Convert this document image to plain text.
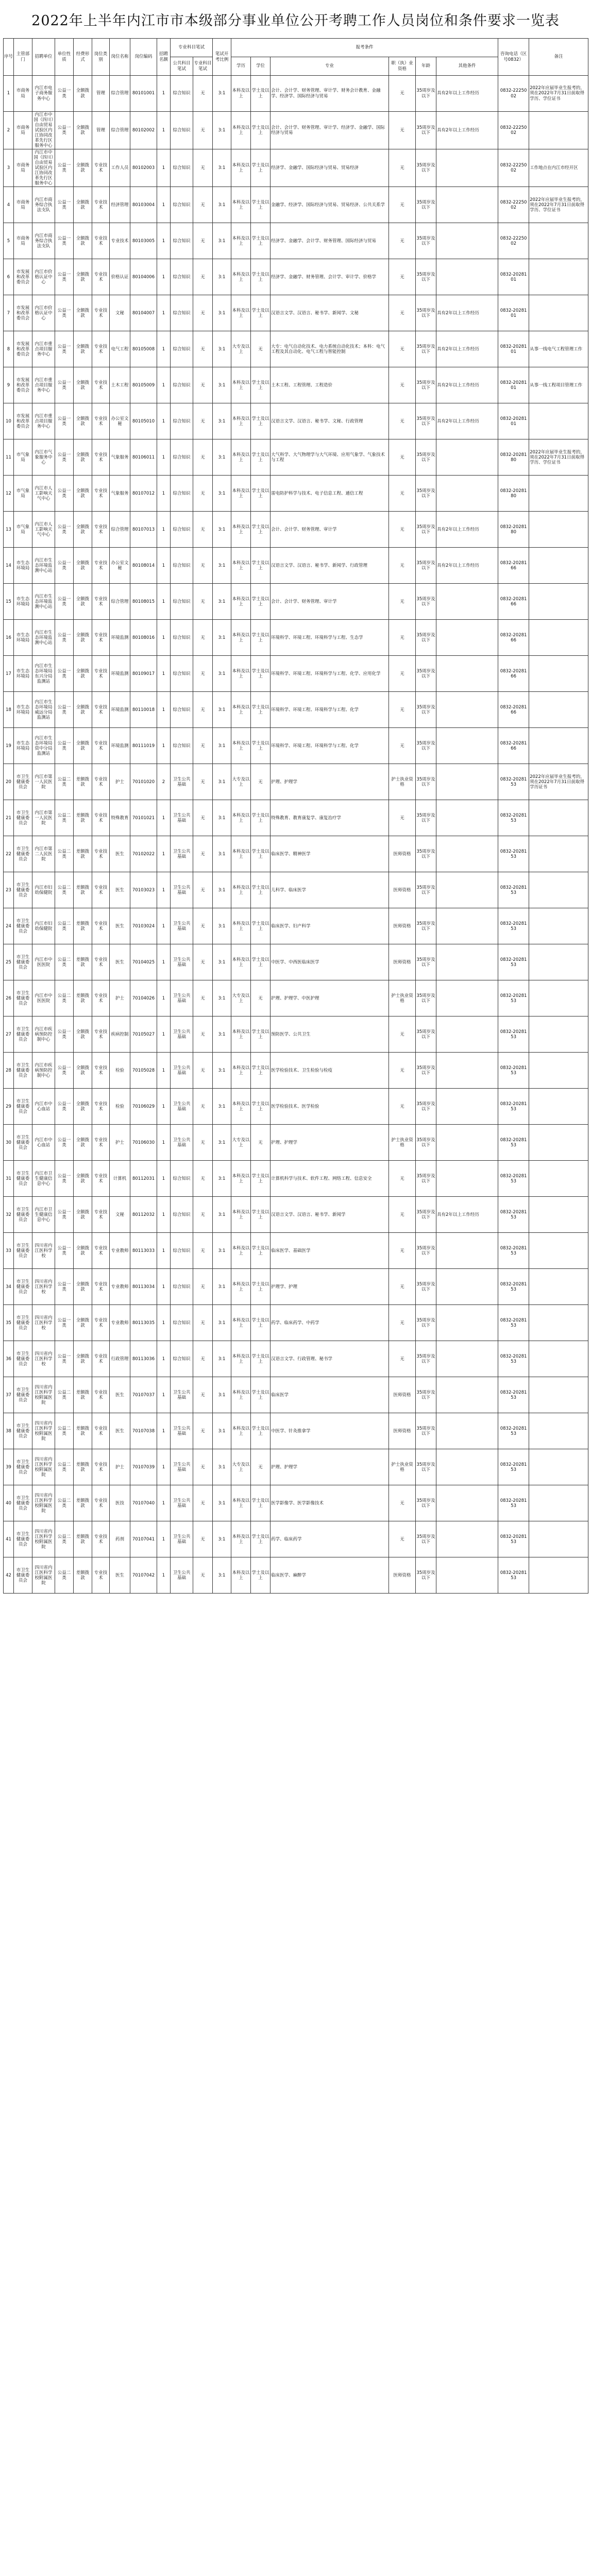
2022年上半年内江市市本级部分事业单位公开考聘工作人员岗位和条件要求一览表
序号	主管部门	招聘单位	单位性质	经费形式	岗位类别	岗位名称	岗位编码	招聘名额	专业科目笔试		笔试开考比例	报考条件						咨询电话（区号0832）	备注
									公共科目笔试	专业科目笔试		学历	学位	专业	职（执）业资格	年龄	其他条件		
1	市商务局	内江市电子商务服务中心	公益一类	全额拨款	管理	综合管理	80101001	1	综合知识	无	3:1	本科及以上	学士及以上	会计、会计学、财务管理、审计学、财务会计教育、金融学、经济学、国际经济与贸易	无	35周岁及以下	具有2年以上工作经历	0832-2225002	2022年应届毕业生报考的，须在2022年7月31日前取得学历、学位证书
2	市商务局	内江市中国（四川）自由贸易试验区内江协同改革先行区服务中心	公益一类	全额拨款	管理	综合管理	80102002	1	综合知识	无	3:1	本科及以上	学士及以上	会计、会计学、财务管理、审计学、经济学、金融学、国际经济与贸易	无	35周岁及以下	具有2年以上工作经历	0832-2225002	
3	市商务局	内江市中国（四川）自由贸易试验区内江协同改革先行区服务中心	公益一类	全额拨款	专业技术	工作人员	80102003	1	综合知识	无	3:1	本科及以上	学士及以上	经济学、金融学、国际经济与贸易、贸易经济	无	35周岁及以下		0832-2225002	工作地点在内江市经开区
4	市商务局	内江市商务综合执法支队	公益一类	全额拨款	专业技术	经济管理	80103004	1	综合知识	无	3:1	本科及以上	学士及以上	金融学、经济学、国际经济与贸易、贸易经济、公共关系学	无	35周岁及以下		0832-2225002	2022年应届毕业生报考的，须在2022年7月31日前取得学历、学位证书
5	市商务局	内江市商务综合执法支队	公益一类	全额拨款	专业技术	专业技术	80103005	1	综合知识	无	3:1	本科及以上	学士及以上	经济学、金融学、会计学、财务管理、国际经济与贸易	无	35周岁及以下		0832-2225002	
6	市发展和改革委员会	内江市价格认证中心	公益一类	全额拨款	专业技术	价格认证	80104006	1	综合知识	无	3:1	本科及以上	学士及以上	经济学、金融学、财务管理、会计学、审计学、价格学	无	35周岁及以下		0832-2028101	
7	市发展和改革委员会	内江市价格认证中心	公益一类	全额拨款	专业技术	文秘	80104007	1	综合知识	无	3:1	本科及以上	学士及以上	汉语言文学、汉语言、秘书学、新闻学、文秘	无	35周岁及以下	具有2年以上工作经历	0832-2028101	
8	市发展和改革委员会	内江市重点项目服务中心	公益一类	全额拨款	专业技术	电气工程	80105008	1	综合知识	无	3:1	大专及以上	无	大专：电气自动化技术、电力系统自动化技术；本科：电气工程及其自动化、电气工程与智能控制	无	35周岁及以下	具有2年以上工作经历	0832-2028101	从事一线电气工程管理工作
9	市发展和改革委员会	内江市重点项目服务中心	公益一类	全额拨款	专业技术	土木工程	80105009	1	综合知识	无	3:1	本科及以上	学士及以上	土木工程、工程管理、工程造价	无	35周岁及以下	具有2年以上工作经历	0832-2028101	从事一线工程项目管理工作
10	市发展和改革委员会	内江市重点项目服务中心	公益一类	全额拨款	专业技术	办公室文秘	80105010	1	综合知识	无	3:1	本科及以上	学士及以上	汉语言文学、汉语言、秘书学、文秘、行政管理	无	35周岁及以下	具有2年以上工作经历	0832-2028101	
11	市气象局	内江市气象服务中心	公益一类	全额拨款	专业技术	气象服务	80106011	1	综合知识	无	3:1	本科及以上	学士及以上	大气科学、大气物理学与大气环境、应用气象学、气象技术与工程	无	35周岁及以下		0832-2028180	2022年应届毕业生报考的，须在2022年7月31日前取得学历、学位证书
12	市气象局	内江市人工影响天气中心	公益一类	全额拨款	专业技术	气象服务	80107012	1	综合知识	无	3:1	本科及以上	学士及以上	雷电防护科学与技术、电子信息工程、通信工程	无	35周岁及以下		0832-2028180	
13	市气象局	内江市人工影响天气中心	公益一类	全额拨款	专业技术	综合管理	80107013	1	综合知识	无	3:1	本科及以上	学士及以上	会计、会计学、财务管理、审计学	无	35周岁及以下	具有2年以上工作经历	0832-2028180	
14	市生态环境局	内江市生态环境监测中心站	公益一类	全额拨款	专业技术	办公室文秘	80108014	1	综合知识	无	3:1	本科及以上	学士及以上	汉语言文学、汉语言、秘书学、新闻学、行政管理	无	35周岁及以下	具有2年以上工作经历	0832-2028166	
15	市生态环境局	内江市生态环境监测中心站	公益一类	全额拨款	专业技术	综合管理	80108015	1	综合知识	无	3:1	本科及以上	学士及以上	会计、会计学、财务管理、审计学	无	35周岁及以下		0832-2028166	
16	市生态环境局	内江市生态环境监测中心站	公益一类	全额拨款	专业技术	环境监测	80108016	1	综合知识	无	3:1	本科及以上	学士及以上	环境科学、环境工程、环境科学与工程、生态学	无	35周岁及以下		0832-2028166	
17	市生态环境局	内江市生态环境局东兴分局监测站	公益一类	全额拨款	专业技术	环境监测	80109017	1	综合知识	无	3:1	本科及以上	学士及以上	环境科学、环境工程、环境科学与工程、化学、应用化学	无	35周岁及以下		0832-2028166	
18	市生态环境局	内江市生态环境局威远分局监测站	公益一类	全额拨款	专业技术	环境监测	80110018	1	综合知识	无	3:1	本科及以上	学士及以上	环境科学、环境工程、环境科学与工程、化学	无	35周岁及以下		0832-2028166	
19	市生态环境局	内江市生态环境局资中分局监测站	公益一类	全额拨款	专业技术	环境监测	80111019	1	综合知识	无	3:1	本科及以上	学士及以上	环境科学、环境工程、环境科学与工程、化学	无	35周岁及以下		0832-2028166	
20	市卫生健康委员会	内江市第一人民医院	公益二类	差额拨款	专业技术	护士	70101020	2	卫生公共基础	无	3:1	大专及以上	无	护理、护理学	护士执业资格	35周岁及以下		0832-2028153	2022年应届毕业生报考的，须在2022年7月31日前取得学历证书
21	市卫生健康委员会	内江市第一人民医院	公益二类	差额拨款	专业技术	特殊教育	70101021	1	卫生公共基础	无	3:1	本科及以上	学士及以上	特殊教育、教育康复学、康复治疗学	无	35周岁及以下		0832-2028153	
22	市卫生健康委员会	内江市第二人民医院	公益二类	差额拨款	专业技术	医生	70102022	1	卫生公共基础	无	3:1	本科及以上	学士及以上	临床医学、精神医学	医师资格	35周岁及以下		0832-2028153	
23	市卫生健康委员会	内江市妇幼保健院	公益二类	差额拨款	专业技术	医生	70103023	1	卫生公共基础	无	3:1	本科及以上	学士及以上	儿科学、临床医学	医师资格	35周岁及以下		0832-2028153	
24	市卫生健康委员会	内江市妇幼保健院	公益二类	差额拨款	专业技术	医生	70103024	1	卫生公共基础	无	3:1	本科及以上	学士及以上	临床医学、妇产科学	医师资格	35周岁及以下		0832-2028153	
25	市卫生健康委员会	内江市中医医院	公益二类	差额拨款	专业技术	医生	70104025	1	卫生公共基础	无	3:1	本科及以上	学士及以上	中医学、中西医临床医学	医师资格	35周岁及以下		0832-2028153	
26	市卫生健康委员会	内江市中医医院	公益二类	差额拨款	专业技术	护士	70104026	1	卫生公共基础	无	3:1	大专及以上	无	护理、护理学、中医护理	护士执业资格	35周岁及以下		0832-2028153	
27	市卫生健康委员会	内江市疾病预防控制中心	公益一类	全额拨款	专业技术	疾病控制	70105027	1	卫生公共基础	无	3:1	本科及以上	学士及以上	预防医学、公共卫生	无	35周岁及以下		0832-2028153	
28	市卫生健康委员会	内江市疾病预防控制中心	公益一类	全额拨款	专业技术	检验	70105028	1	卫生公共基础	无	3:1	本科及以上	学士及以上	医学检验技术、卫生检验与检疫	无	35周岁及以下		0832-2028153	
29	市卫生健康委员会	内江市中心血站	公益一类	全额拨款	专业技术	检验	70106029	1	卫生公共基础	无	3:1	本科及以上	学士及以上	医学检验技术、医学检验	无	35周岁及以下		0832-2028153	
30	市卫生健康委员会	内江市中心血站	公益一类	全额拨款	专业技术	护士	70106030	1	卫生公共基础	无	3:1	大专及以上	无	护理、护理学	护士执业资格	35周岁及以下		0832-2028153	
31	市卫生健康委员会	内江市卫生健康信息中心	公益一类	全额拨款	专业技术	计算机	80112031	1	综合知识	无	3:1	本科及以上	学士及以上	计算机科学与技术、软件工程、网络工程、信息安全	无	35周岁及以下		0832-2028153	
32	市卫生健康委员会	内江市卫生健康信息中心	公益一类	全额拨款	专业技术	文秘	80112032	1	综合知识	无	3:1	本科及以上	学士及以上	汉语言文学、汉语言、秘书学、新闻学	无	35周岁及以下	具有2年以上工作经历	0832-2028153	
33	市卫生健康委员会	四川省内江医科学校	公益一类	全额拨款	专业技术	专业教师	80113033	1	综合知识	无	3:1	本科及以上	学士及以上	临床医学、基础医学	无	35周岁及以下		0832-2028153	
34	市卫生健康委员会	四川省内江医科学校	公益一类	全额拨款	专业技术	专业教师	80113034	1	综合知识	无	3:1	本科及以上	学士及以上	护理学、护理	无	35周岁及以下		0832-2028153	
35	市卫生健康委员会	四川省内江医科学校	公益一类	全额拨款	专业技术	专业教师	80113035	1	综合知识	无	3:1	本科及以上	学士及以上	药学、临床药学、中药学	无	35周岁及以下		0832-2028153	
36	市卫生健康委员会	四川省内江医科学校	公益一类	全额拨款	专业技术	行政管理	80113036	1	综合知识	无	3:1	本科及以上	学士及以上	汉语言文学、行政管理、秘书学	无	35周岁及以下		0832-2028153	
37	市卫生健康委员会	四川省内江医科学校附属医院	公益二类	差额拨款	专业技术	医生	70107037	1	卫生公共基础	无	3:1	本科及以上	学士及以上	临床医学	医师资格	35周岁及以下		0832-2028153	
38	市卫生健康委员会	四川省内江医科学校附属医院	公益二类	差额拨款	专业技术	医生	70107038	1	卫生公共基础	无	3:1	本科及以上	学士及以上	中医学、针灸推拿学	医师资格	35周岁及以下		0832-2028153	
39	市卫生健康委员会	四川省内江医科学校附属医院	公益二类	差额拨款	专业技术	护士	70107039	1	卫生公共基础	无	3:1	大专及以上	无	护理、护理学	护士执业资格	35周岁及以下		0832-2028153	
40	市卫生健康委员会	四川省内江医科学校附属医院	公益二类	差额拨款	专业技术	医技	70107040	1	卫生公共基础	无	3:1	本科及以上	学士及以上	医学影像学、医学影像技术	无	35周岁及以下		0832-2028153	
41	市卫生健康委员会	四川省内江医科学校附属医院	公益二类	差额拨款	专业技术	药剂	70107041	1	卫生公共基础	无	3:1	本科及以上	学士及以上	药学、临床药学	无	35周岁及以下		0832-2028153	
42	市卫生健康委员会	四川省内江医科学校附属医院	公益二类	差额拨款	专业技术	医生	70107042	1	卫生公共基础	无	3:1	本科及以上	学士及以上	临床医学、麻醉学	医师资格	35周岁及以下		0832-2028153	
